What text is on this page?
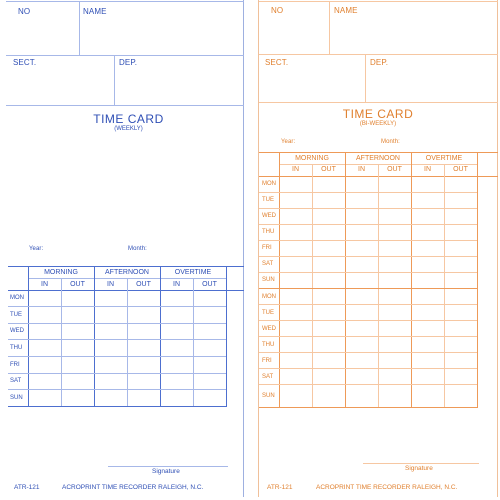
NO	NAME
SECT.	DEP.
TIME CARD
(WEEKLY)
Year:	Month:
MORNING	AFTERNOON	OVERTIME
IN	OUT	IN	OUT	IN	OUT
MON
TUE
WED
THU
FRI
SAT
SUN
Signature
ATR-121	ACROPRINT TIME RECORDER RALEIGH, N.C.
NO	NAME
SECT.	DEP.
TIME CARD
(BI-WEEKLY)
Year:	Month:
MORNING	AFTERNOON	OVERTIME
IN	OUT	IN	OUT	IN	OUT
MON
TUE
WED
THU
FRI
SAT
SUN
MON
TUE
WED
THU
FRI
SAT
SUN
Signature
ATR-121	ACROPRINT TIME RECORDER RALEIGH, N.C.
